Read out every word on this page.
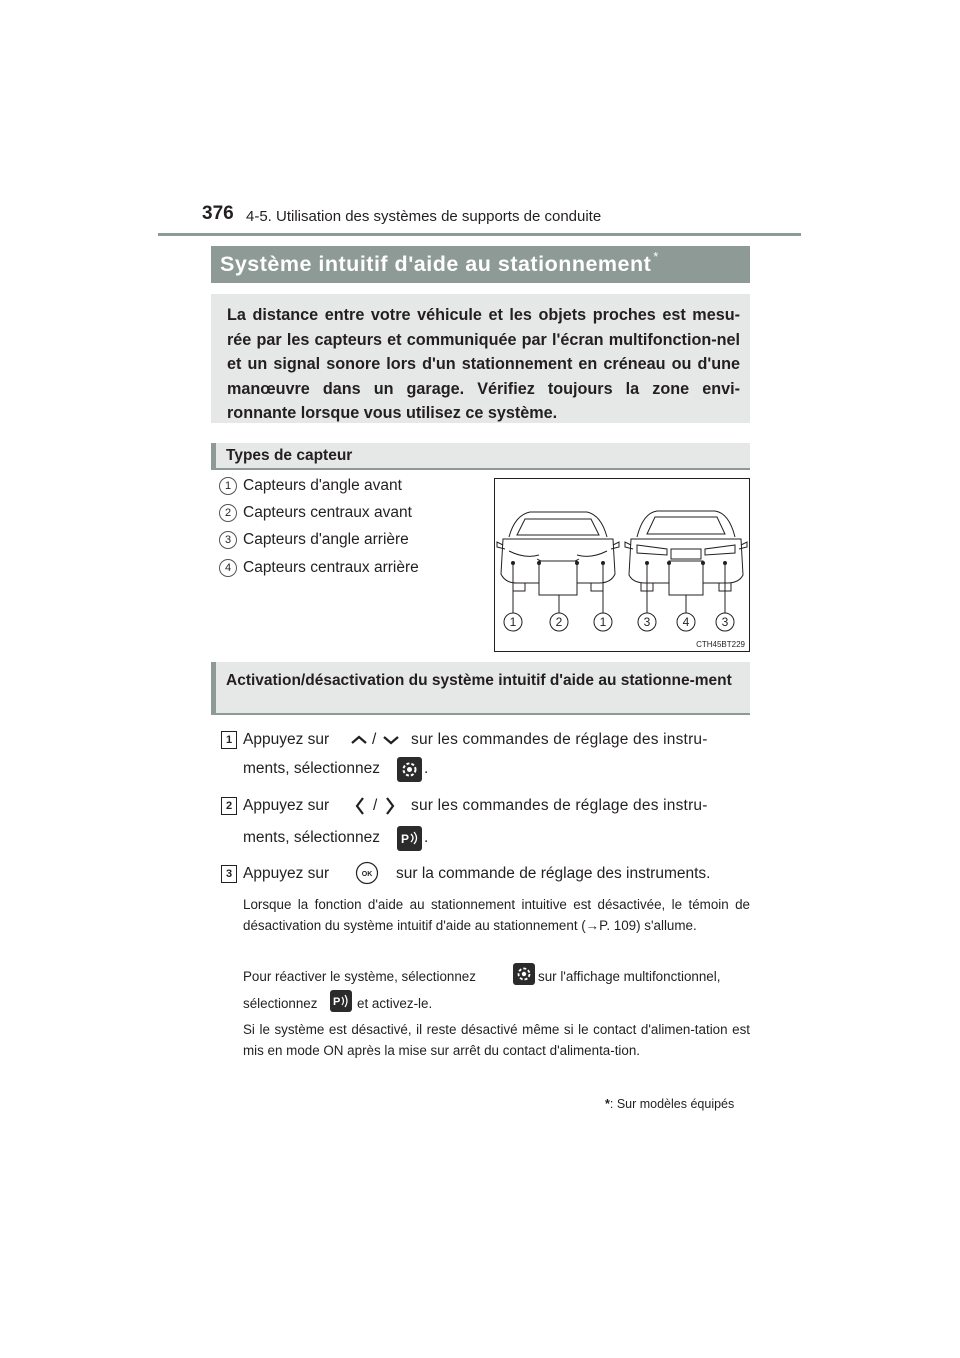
376 4-5. Utilisation des systèmes de supports de conduite
Système intuitif d'aide au stationnement *
La distance entre votre véhicule et les objets proches est mesu-rée par les capteurs et communiquée par l'écran multifonction-nel et un signal sonore lors d'un stationnement en créneau ou d'une manœuvre dans un garage. Vérifiez toujours la zone envi-ronnante lorsque vous utilisez ce système.
Types de capteur
1 Capteurs d'angle avant
2 Capteurs centraux avant
3 Capteurs d'angle arrière
4 Capteurs centraux arrière
1	2	1	3	4	3
CTH45BT229
Activation/désactivation du système intuitif d'aide au stationne-ment
1 Appuyez sur	/ sur les commandes de réglage des instru-
ments, sélectionnez	.
2 Appuyez sur	/ sur les commandes de réglage des instru-
ments, sélectionnez P .
3 Appuyez sur	OK sur la commande de réglage des instruments.
Lorsque la fonction d'aide au stationnement intuitive est désactivée, le témoin de désactivation du système intuitif d'aide au stationnement (→P. 109) s'allume.
Pour réactiver le système, sélectionnez	sur l'affichage multifonctionnel,
sélectionnez P et activez-le.
Si le système est désactivé, il reste désactivé même si le contact d'alimen-tation est mis en mode ON après la mise sur arrêt du contact d'alimenta-tion.
*: Sur modèles équipés
